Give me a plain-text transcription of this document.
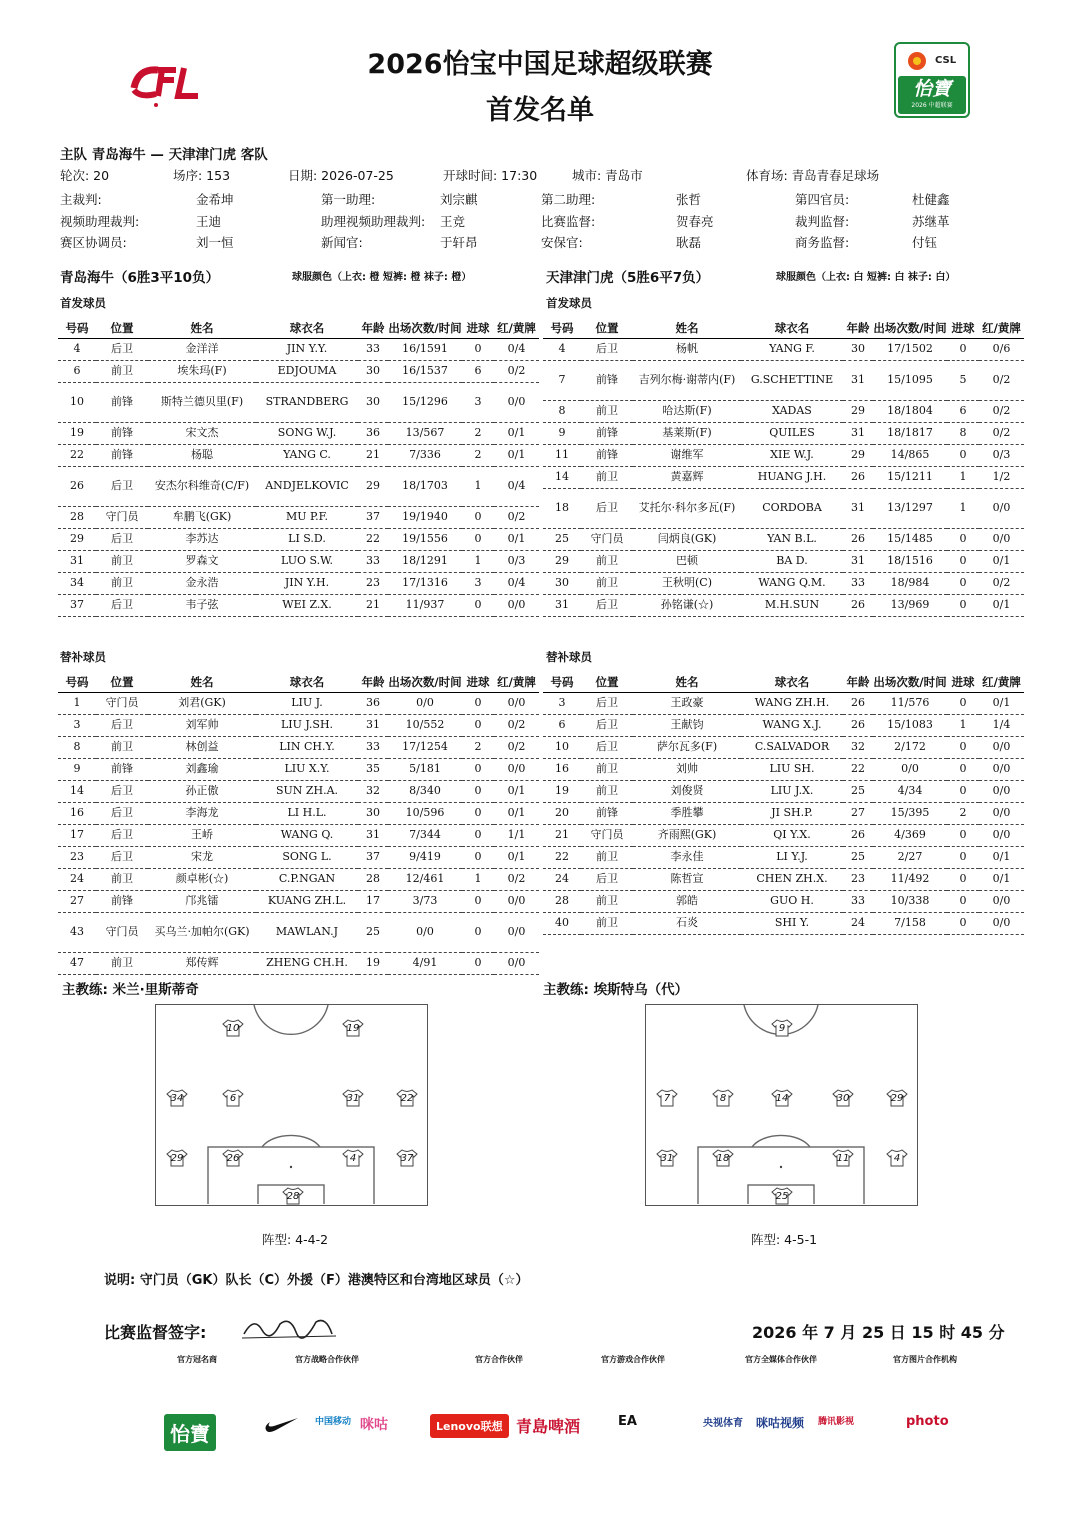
2026怡宝中国足球超级联赛
首发名单
CSL
怡寶
2026 中超联赛
主队 青岛海牛 — 天津津门虎 客队
轮次: 20	场序: 153	日期: 2026-07-25	开球时间: 17:30	城市: 青岛市	体育场: 青岛青春足球场
主裁判:	金希坤	第一助理:	刘宗麒	第二助理:	张哲	第四官员:	杜健鑫
视频助理裁判:	王迪	助理视频助理裁判: 王竞	比赛监督:	贺春亮	裁判监督:	苏继革
赛区协调员:	刘一恒	新闻官:	于轩昂	安保官:	耿磊	商务监督:	付钰
青岛海牛（6胜3平10负）	球服颜色（上衣: 橙 短裤: 橙 袜子: 橙）	天津津门虎（5胜6平7负）	球服颜色（上衣: 白 短裤: 白 袜子: 白）
首发球员	首发球员
号码	位置	姓名	球衣名	年龄	出场次数/时间	进球	红/黄牌
4	后卫	金洋洋	JIN Y.Y.	33	16/1591	0	0/4
6	前卫	埃朱玛(F)	EDJOUMA	30	16/1537	6	0/2
10	前锋	斯特兰德贝里(F)	STRANDBERG	30	15/1296	3	0/0
19	前锋	宋文杰	SONG W.J.	36	13/567	2	0/1
22	前锋	杨聪	YANG C.	21	7/336	2	0/1
26	后卫	安杰尔科维奇(C/F)	ANDJELKOVIC	29	18/1703	1	0/4
28	守门员	牟鹏飞(GK)	MU P.F.	37	19/1940	0	0/2
29	后卫	李苏达	LI S.D.	22	19/1556	0	0/1
31	前卫	罗森文	LUO S.W.	33	18/1291	1	0/3
34	前卫	金永浩	JIN Y.H.	23	17/1316	3	0/4
37	后卫	韦子弦	WEI Z.X.	21	11/937	0	0/0
号码	位置	姓名	球衣名	年龄	出场次数/时间	进球	红/黄牌
4	后卫	杨帆	YANG F.	30	17/1502	0	0/6
7	前锋	吉列尔梅·谢蒂内(F)	G.SCHETTINE	31	15/1095	5	0/2
8	前卫	哈达斯(F)	XADAS	29	18/1804	6	0/2
9	前锋	基莱斯(F)	QUILES	31	18/1817	8	0/2
11	前锋	谢维军	XIE W.J.	29	14/865	0	0/3
14	前卫	黄嘉辉	HUANG J.H.	26	15/1211	1	1/2
18	后卫	艾托尔·科尔多瓦(F)	CORDOBA	31	13/1297	1	0/0
25	守门员	闫炳良(GK)	YAN B.L.	26	15/1485	0	0/0
29	前卫	巴顿	BA D.	31	18/1516	0	0/1
30	前卫	王秋明(C)	WANG Q.M.	33	18/984	0	0/2
31	后卫	孙铭谦(☆)	M.H.SUN	26	13/969	0	0/1
替补球员	替补球员
号码	位置	姓名	球衣名	年龄	出场次数/时间	进球	红/黄牌
1	守门员	刘君(GK)	LIU J.	36	0/0	0	0/0
3	后卫	刘军帅	LIU J.SH.	31	10/552	0	0/2
8	前卫	林创益	LIN CH.Y.	33	17/1254	2	0/2
9	前锋	刘鑫瑜	LIU X.Y.	35	5/181	0	0/0
14	后卫	孙正傲	SUN ZH.A.	32	8/340	0	0/1
16	后卫	李海龙	LI H.L.	30	10/596	0	0/1
17	后卫	王峤	WANG Q.	31	7/344	0	1/1
23	后卫	宋龙	SONG L.	37	9/419	0	0/1
24	前卫	颜卓彬(☆)	C.P.NGAN	28	12/461	1	0/2
27	前锋	邝兆镭	KUANG ZH.L.	17	3/73	0	0/0
43	守门员	买乌兰·加帕尔(GK)	MAWLAN.J	25	0/0	0	0/0
47	前卫	郑传辉	ZHENG CH.H.	19	4/91	0	0/0
号码	位置	姓名	球衣名	年龄	出场次数/时间	进球	红/黄牌
3	后卫	王政豪	WANG ZH.H.	26	11/576	0	0/1
6	后卫	王献钧	WANG X.J.	26	15/1083	1	1/4
10	后卫	萨尔瓦多(F)	C.SALVADOR	32	2/172	0	0/0
16	前卫	刘帅	LIU SH.	22	0/0	0	0/0
19	前卫	刘俊贤	LIU J.X.	25	4/34	0	0/0
20	前锋	季胜攀	JI SH.P.	27	15/395	2	0/0
21	守门员	齐雨熙(GK)	QI Y.X.	26	4/369	0	0/0
22	前卫	李永佳	LI Y.J.	25	2/27	0	0/1
24	后卫	陈哲宣	CHEN ZH.X.	23	11/492	0	0/1
28	前卫	郭皓	GUO H.	33	10/338	0	0/0
40	前卫	石炎	SHI Y.	24	7/158	0	0/0
主教练: 米兰·里斯蒂奇	主教练: 埃斯特乌（代）
10	19
34	6	31	22
29	26	4	37
28
9
7	8	14	30	29
31	18	11	4
25
阵型: 4-4-2	阵型: 4-5-1
说明: 守门员（GK）队长（C）外援（F）港澳特区和台湾地区球员（☆）
比赛监督签字:	2026 年 7 月 25 日 15 时 45 分
官方冠名商	官方战略合作伙伴	官方合作伙伴	官方游戏合作伙伴	官方全媒体合作伙伴	官方图片合作机构
怡寶	中国移动 咪咕	Lenovo联想 青島啤酒	EA	央视体育 咪咕视频 腾讯影视	photo
